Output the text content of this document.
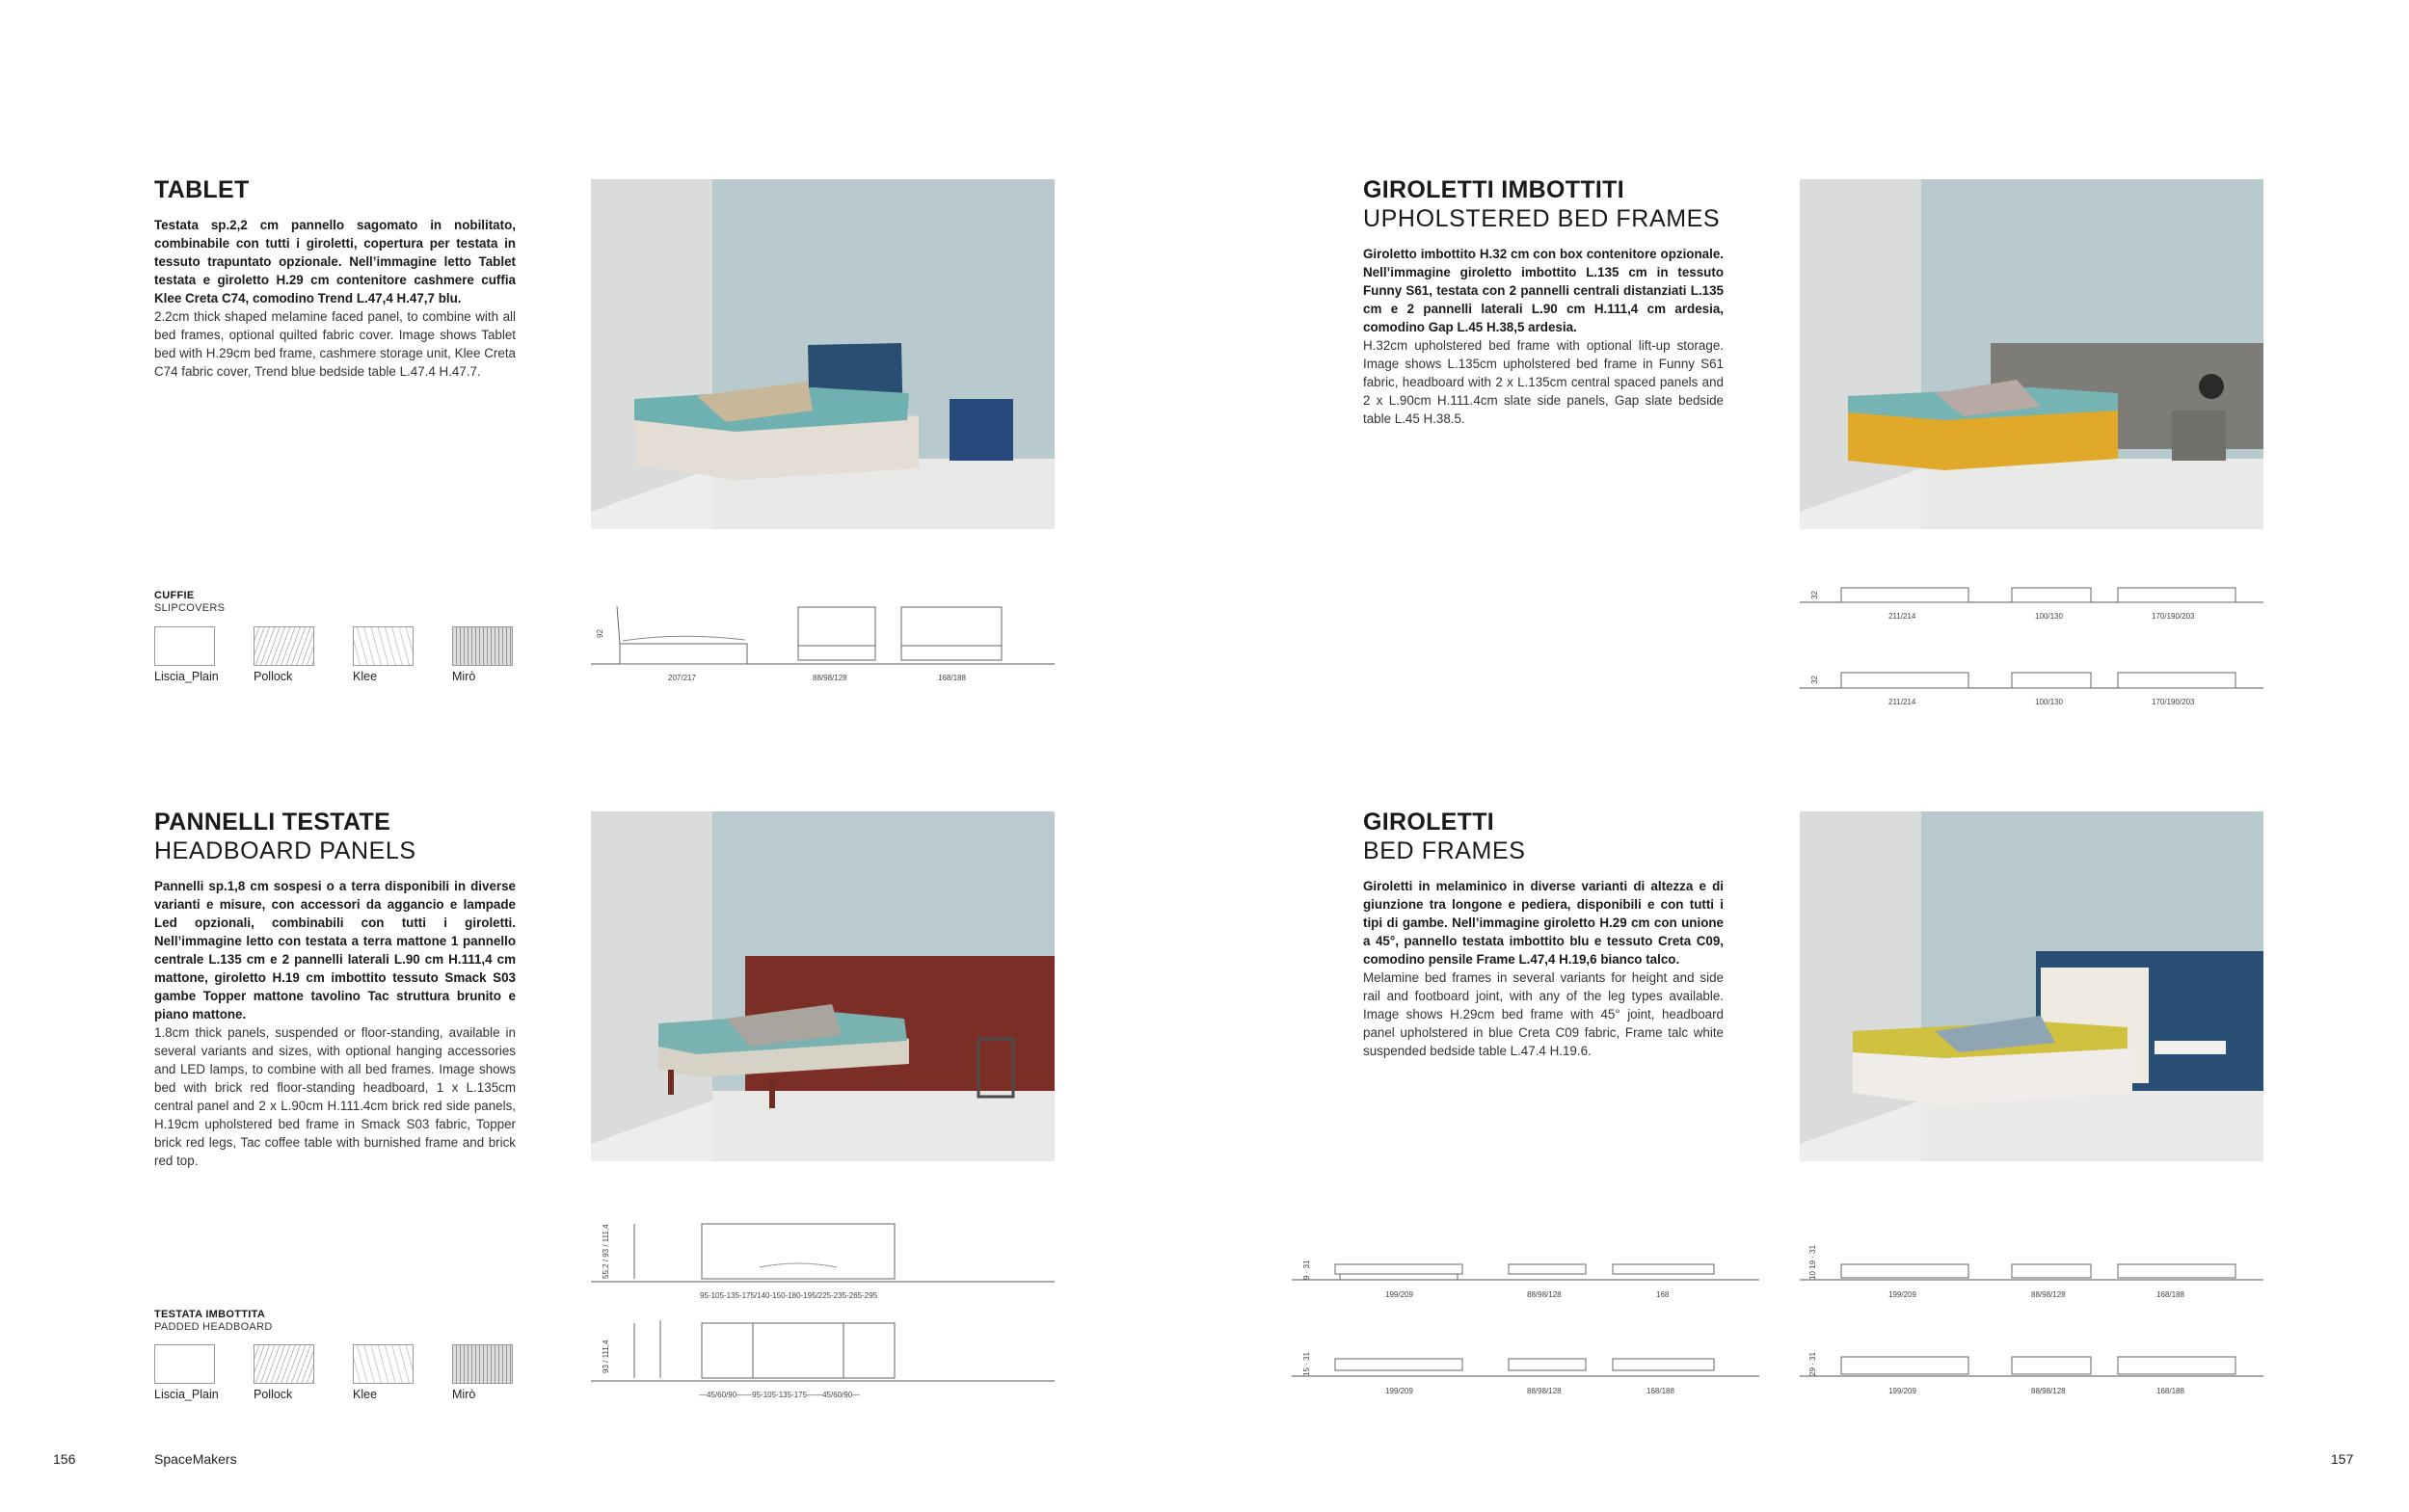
TABLET

Testata sp.2,2 cm pannello sagomato in nobilitato, combinabile con tutti i giroletti, copertura per testata in tessuto trapuntato opzionale. Nell’immagine letto Tablet testata e giroletto H.29 cm contenitore cashmere cuffia Klee Creta C74, comodino Trend L.47,4 H.47,7 blu.

2.2cm thick shaped melamine faced panel, to combine with all bed frames, optional quilted fabric cover. Image shows Tablet bed with H.29cm bed frame, cashmere storage unit, Klee Creta C74 fabric cover, Trend blue bedside table L.47.4 H.47.7.

CUFFIE
SLIPCOVERS
Liscia_Plain	Pollock	Klee	Mirò
92
207/217	88/98/128	168/188
GIROLETTI IMBOTTITI
UPHOLSTERED BED FRAMES

Giroletto imbottito H.32 cm con box contenitore opzionale. Nell’immagine giroletto imbottito L.135 cm in tessuto Funny S61, testata con 2 pannelli centrali distanziati L.135 cm e 2 pannelli laterali L.90 cm H.111,4 cm ardesia, comodino Gap L.45 H.38,5 ardesia.

H.32cm upholstered bed frame with optional lift-up storage. Image shows L.135cm upholstered bed frame in Funny S61 fabric, headboard with 2 x L.135cm central spaced panels and 2 x L.90cm H.111.4cm slate side panels, Gap slate bedside table L.45 H.38.5.

32
211/214	100/130	170/190/203
32
211/214	100/130	170/190/203
PANNELLI TESTATE
HEADBOARD PANELS

Pannelli sp.1,8 cm sospesi o a terra disponibili in diverse varianti e misure, con accessori da aggancio e lampade Led opzionali, combinabili con tutti i giroletti. Nell’immagine letto con testata a terra mattone 1 pannello centrale L.135 cm e 2 pannelli laterali L.90 cm H.111,4 cm mattone, giroletto H.19 cm imbottito tessuto Smack S03 gambe Topper mattone tavolino Tac struttura brunito e piano mattone.

1.8cm thick panels, suspended or floor-standing, available in several variants and sizes, with optional hanging accessories and LED lamps, to combine with all bed frames. Image shows bed with brick red floor-standing headboard, 1 x L.135cm central panel and 2 x L.90cm H.111.4cm brick red side panels, H.19cm upholstered bed frame in Smack S03 fabric, Topper brick red legs, Tac coffee table with burnished frame and brick red top.

TESTATA IMBOTTITA
PADDED HEADBOARD
Liscia_Plain	Pollock	Klee	Mirò
55,2 / 93 / 111,4
95-105-135-175/140-150-180-195/225-235-265-295
93 / 111,4
—45/60/90——95-105-135-175——45/60/90—
GIROLETTI
BED FRAMES

Giroletti in melaminico in diverse varianti di altezza e di giunzione tra longone e pediera, disponibili e con tutti i tipi di gambe. Nell’immagine giroletto H.29 cm con unione a 45°, pannello testata imbottito blu e tessuto Creta C09, comodino pensile Frame L.47,4 H.19,6 bianco talco.

Melamine bed frames in several variants for height and side rail and footboard joint, with any of the leg types available. Image shows H.29cm bed frame with 45° joint, headboard panel upholstered in blue Creta C09 fabric, Frame talc white suspended bedside table L.47.4 H.19.6.

9 · 31
199/209	88/98/128	168
15 · 31
199/209	88/98/128	168/188
10 19 · 31
199/209	88/98/128	168/188
29 · 31
199/209	88/98/128	168/188
156	SpaceMakers	157
